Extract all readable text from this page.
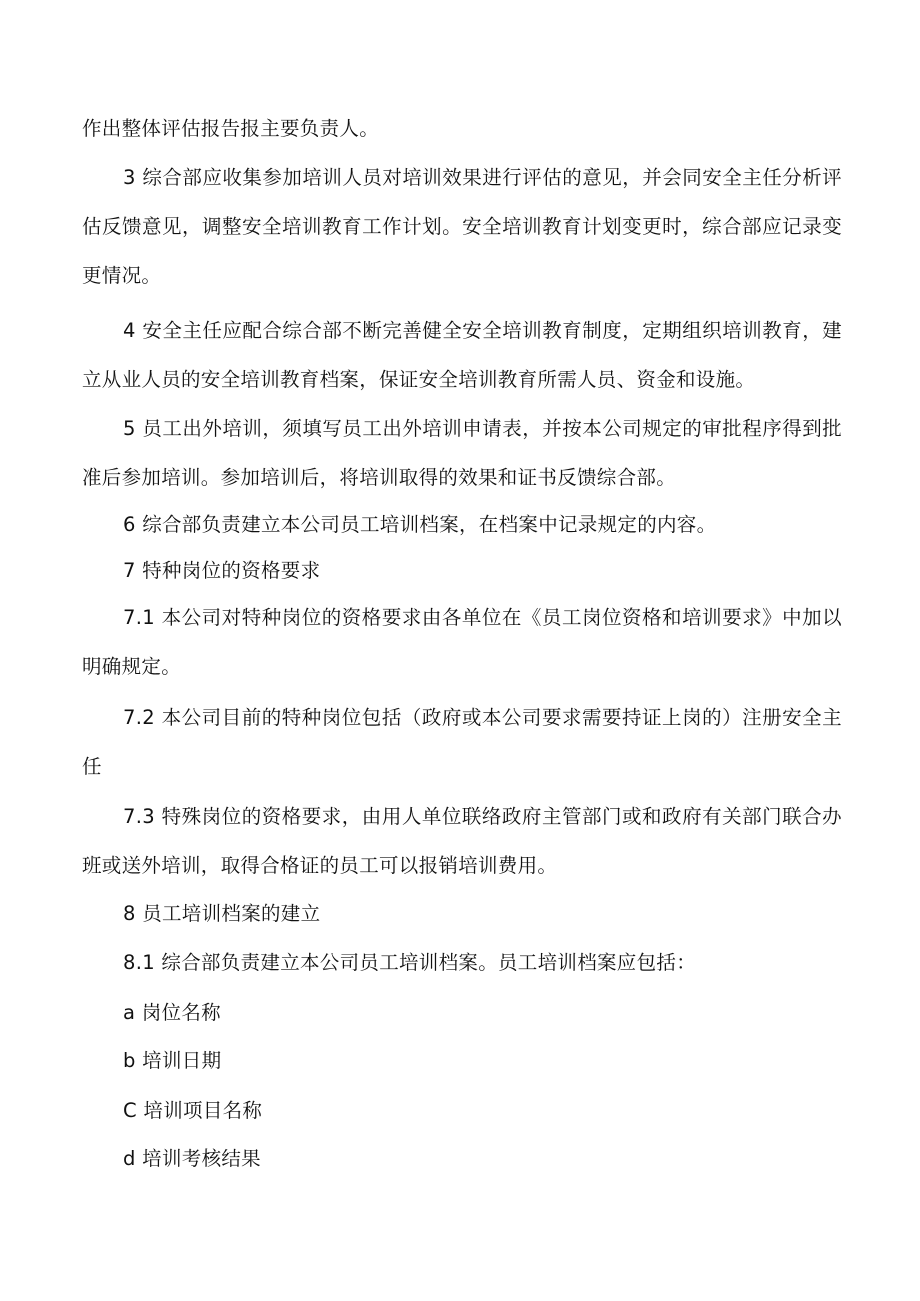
作出整体评估报告报主要负责人。

3 综合部应收集参加培训人员对培训效果进行评估的意见，并会同安全主任分析评估反馈意见，调整安全培训教育工作计划。安全培训教育计划变更时，综合部应记录变更情况。

4 安全主任应配合综合部不断完善健全安全培训教育制度，定期组织培训教育，建立从业人员的安全培训教育档案，保证安全培训教育所需人员、资金和设施。

5 员工出外培训，须填写员工出外培训申请表，并按本公司规定的审批程序得到批准后参加培训。参加培训后，将培训取得的效果和证书反馈综合部。

6 综合部负责建立本公司员工培训档案，在档案中记录规定的内容。

7 特种岗位的资格要求

7.1 本公司对特种岗位的资格要求由各单位在《员工岗位资格和培训要求》中加以明确规定。

7.2 本公司目前的特种岗位包括（政府或本公司要求需要持证上岗的）注册安全主任

7.3 特殊岗位的资格要求，由用人单位联络政府主管部门或和政府有关部门联合办班或送外培训，取得合格证的员工可以报销培训费用。

8 员工培训档案的建立

8.1 综合部负责建立本公司员工培训档案。员工培训档案应包括：

a 岗位名称

b 培训日期

C 培训项目名称

d 培训考核结果
